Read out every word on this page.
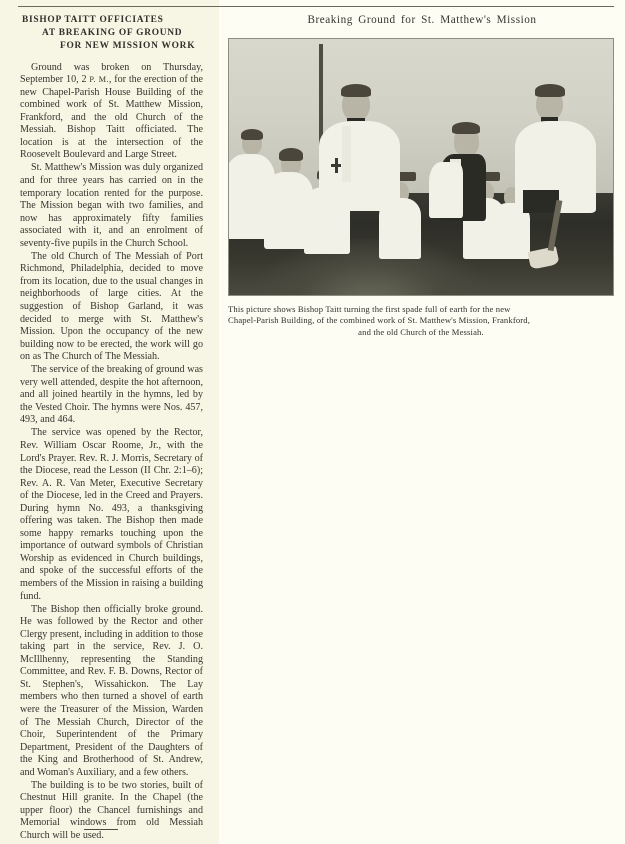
BISHOP TAITT OFFICIATES
AT BREAKING OF GROUND
FOR NEW MISSION WORK

Ground was broken on Thursday, September 10, 2 P. M., for the erection of the new Chapel-Parish House Building of the combined work of St. Matthew Mission, Frankford, and the old Church of the Messiah. Bishop Taitt officiated. The location is at the intersection of the Roosevelt Boulevard and Large Street.

St. Matthew's Mission was duly organized and for three years has carried on in the temporary location rented for the purpose. The Mission began with two families, and now has approximately fifty families associated with it, and an enrolment of seventy-five pupils in the Church School.

The old Church of The Messiah of Port Richmond, Philadelphia, decided to move from its location, due to the usual changes in neighborhoods of large cities. At the suggestion of Bishop Garland, it was decided to merge with St. Matthew's Mission. Upon the occupancy of the new building now to be erected, the work will go on as The Church of The Messiah.

The service of the breaking of ground was very well attended, despite the hot afternoon, and all joined heartily in the hymns, led by the Vested Choir. The hymns were Nos. 457, 493, and 464.

The service was opened by the Rector, Rev. William Oscar Roome, Jr., with the Lord's Prayer. Rev. R. J. Morris, Secretary of the Diocese, read the Lesson (II Chr. 2:1–6); Rev. A. R. Van Meter, Executive Secretary of the Diocese, led in the Creed and Prayers. During hymn No. 493, a thanksgiving offering was taken. The Bishop then made some happy remarks touching upon the importance of outward symbols of Christian Worship as evidenced in Church buildings, and spoke of the successful efforts of the members of the Mission in raising a building fund.

The Bishop then officially broke ground. He was followed by the Rector and other Clergy present, including in addition to those taking part in the service, Rev. J. O. McIllhenny, representing the Standing Committee, and Rev. F. B. Downs, Rector of St. Stephen's, Wissahickon. The Lay members who then turned a shovel of earth were the Treasurer of the Mission, Warden of The Messiah Church, Director of the Choir, Superintendent of the Primary Department, President of the Daughters of the King and Brotherhood of St. Andrew, and Woman's Auxiliary, and a few others.

The building is to be two stories, built of Chestnut Hill granite. In the Chapel (the upper floor) the Chancel furnishings and Memorial windows from old Messiah Church will be used.

Breaking Ground for St. Matthew's Mission
This picture shows Bishop Taitt turning the first spade full of earth for the new
Chapel-Parish Building, of the combined work of St. Matthew's Mission, Frankford,
and the old Church of the Messiah.
